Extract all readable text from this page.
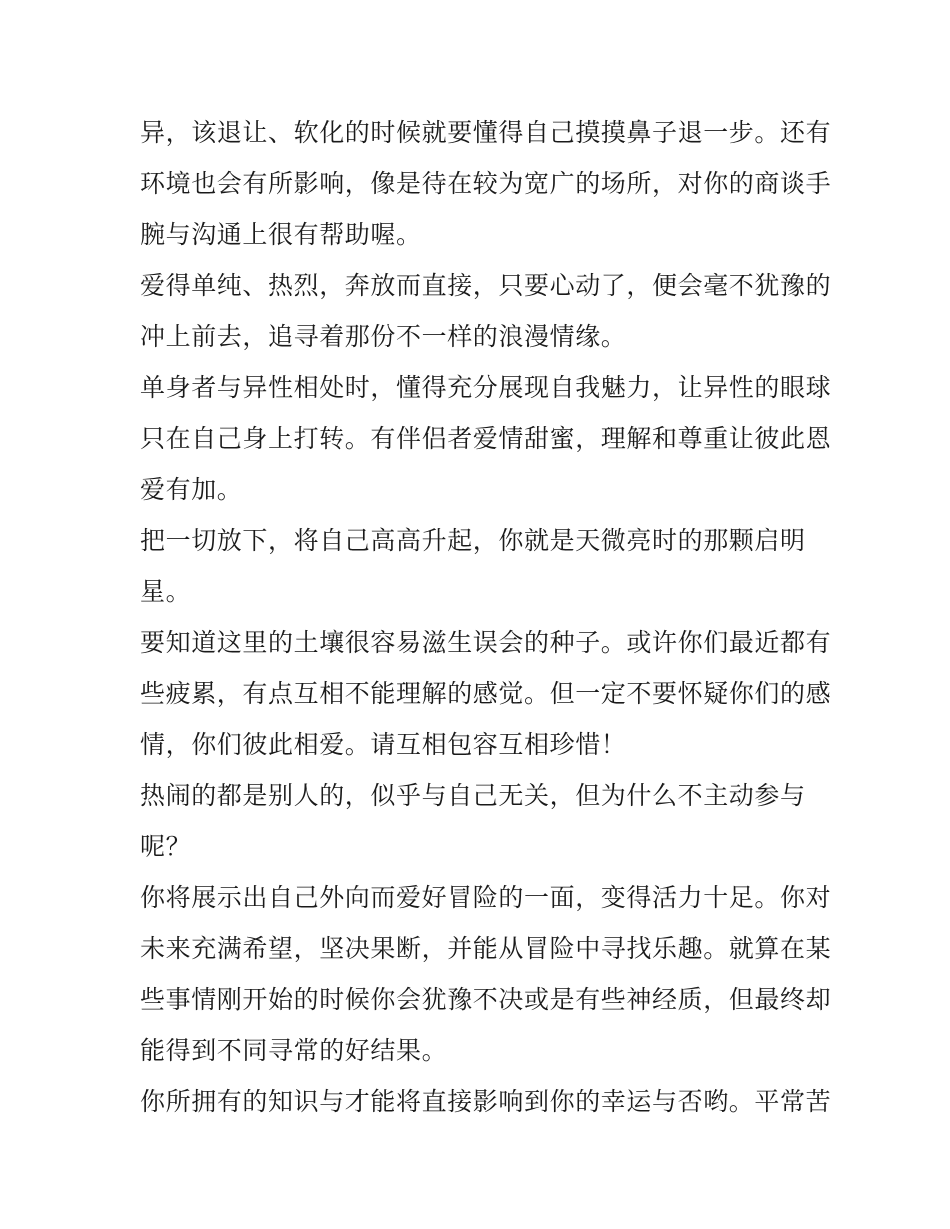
异，该退让、软化的时候就要懂得自己摸摸鼻子退一步。还有
环境也会有所影响，像是待在较为宽广的场所，对你的商谈手
腕与沟通上很有帮助喔。
爱得单纯、热烈，奔放而直接，只要心动了，便会毫不犹豫的
冲上前去，追寻着那份不一样的浪漫情缘。
单身者与异性相处时，懂得充分展现自我魅力，让异性的眼球
只在自己身上打转。有伴侣者爱情甜蜜，理解和尊重让彼此恩
爱有加。
把一切放下，将自己高高升起，你就是天微亮时的那颗启明
星。
要知道这里的土壤很容易滋生误会的种子。或许你们最近都有
些疲累，有点互相不能理解的感觉。但一定不要怀疑你们的感
情，你们彼此相爱。请互相包容互相珍惜！
热闹的都是别人的，似乎与自己无关，但为什么不主动参与
呢？
你将展示出自己外向而爱好冒险的一面，变得活力十足。你对
未来充满希望，坚决果断，并能从冒险中寻找乐趣。就算在某
些事情刚开始的时候你会犹豫不决或是有些神经质，但最终却
能得到不同寻常的好结果。
你所拥有的知识与才能将直接影响到你的幸运与否哟。平常苦
